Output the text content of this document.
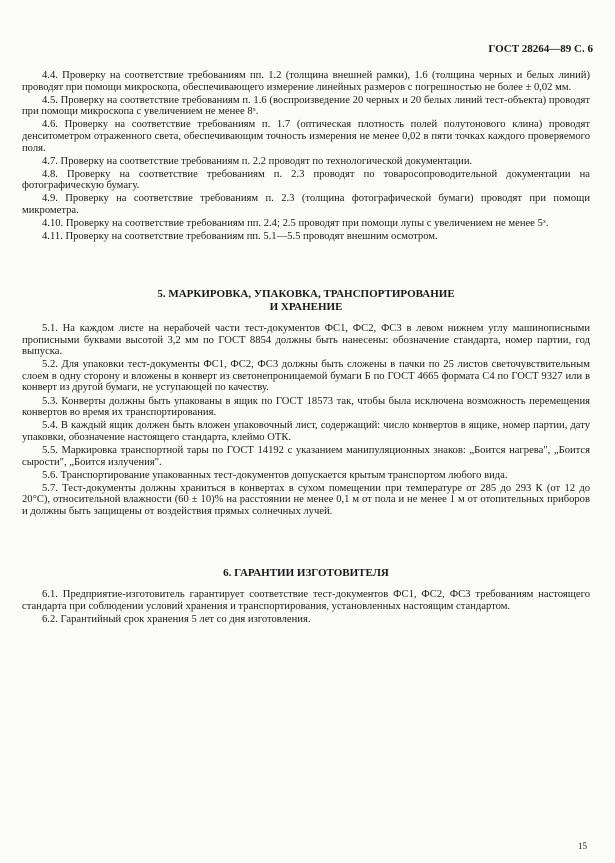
ГОСТ 28264—89 С. 6

4.4. Проверку на соответствие требованиям пп. 1.2 (толщина внешней рамки), 1.6 (толщина черных и белых линий) проводят при помощи микроскопа, обеспечивающего измерение линейных размеров с погрешностью не более ± 0,02 мм.

4.5. Проверку на соответствие требованиям п. 1.6 (воспроизведение 20 черных и 20 белых линий тест-объекта) проводят при помощи микроскопа с увеличением не менее 8ˣ.

4.6. Проверку на соответствие требованиям п. 1.7 (оптическая плотность полей полутонового клина) проводят денситометром отраженного света, обеспечивающим точность измерения не менее 0,02 в пяти точках каждого проверяемого поля.

4.7. Проверку на соответствие требованиям п. 2.2 проводят по технологической документации.

4.8. Проверку на соответствие требованиям п. 2.3 проводят по товаросопроводительной документации на фотографическую бумагу.

4.9. Проверку на соответствие требованиям п. 2.3 (толщина фотографической бумаги) проводят при помощи микрометра.

4.10. Проверку на соответствие требованиям пп. 2.4; 2.5 проводят при помощи лупы с увеличением не менее 5ˣ.

4.11. Проверку на соответствие требованиям пп. 5.1—5.5 проводят внешним осмотром.

5. МАРКИРОВКА, УПАКОВКА, ТРАНСПОРТИРОВАНИЕ
И ХРАНЕНИЕ

5.1. На каждом листе на нерабочей части тест-документов ФС1, ФС2, ФС3 в левом нижнем углу машинописными прописными буквами высотой 3,2 мм по ГОСТ 8854 должны быть нанесены: обозначение стандарта, номер партии, год выпуска.

5.2. Для упаковки тест-документы ФС1, ФС2, ФС3 должны быть сложены в пачки по 25 листов светочувствительным слоем в одну сторону и вложены в конверт из светонепроницаемой бумаги Б по ГОСТ 4665 формата С4 по ГОСТ 9327 или в конверт из другой бумаги, не уступающей по качеству.

5.3. Конверты должны быть упакованы в ящик по ГОСТ 18573 так, чтобы была исключена возможность перемещения конвертов во время их транспортирования.

5.4. В каждый ящик должен быть вложен упаковочный лист, содержащий: число конвертов в ящике, номер партии, дату упаковки, обозначение настоящего стандарта, клеймо ОТК.

5.5. Маркировка транспортной тары по ГОСТ 14192 с указанием манипуляционных знаков: „Боится нагрева", „Боится сырости", „Боится излучения".

5.6. Транспортирование упакованных тест-документов допускается крытым транспортом любого вида.

5.7. Тест-документы должны храниться в конвертах в сухом помещении при температуре от 285 до 293 К (от 12 до 20°С), относительной влажности (60 ± 10)% на расстоянии не менее 0,1 м от пола и не менее 1 м от отопительных приборов и должны быть защищены от воздействия прямых солнечных лучей.

6. ГАРАНТИИ ИЗГОТОВИТЕЛЯ

6.1. Предприятие-изготовитель гарантирует соответствие тест-документов ФС1, ФС2, ФС3 требованиям настоящего стандарта при соблюдении условий хранения и транспортирования, установленных настоящим стандартом.

6.2. Гарантийный срок хранения 5 лет со дня изготовления.

15
